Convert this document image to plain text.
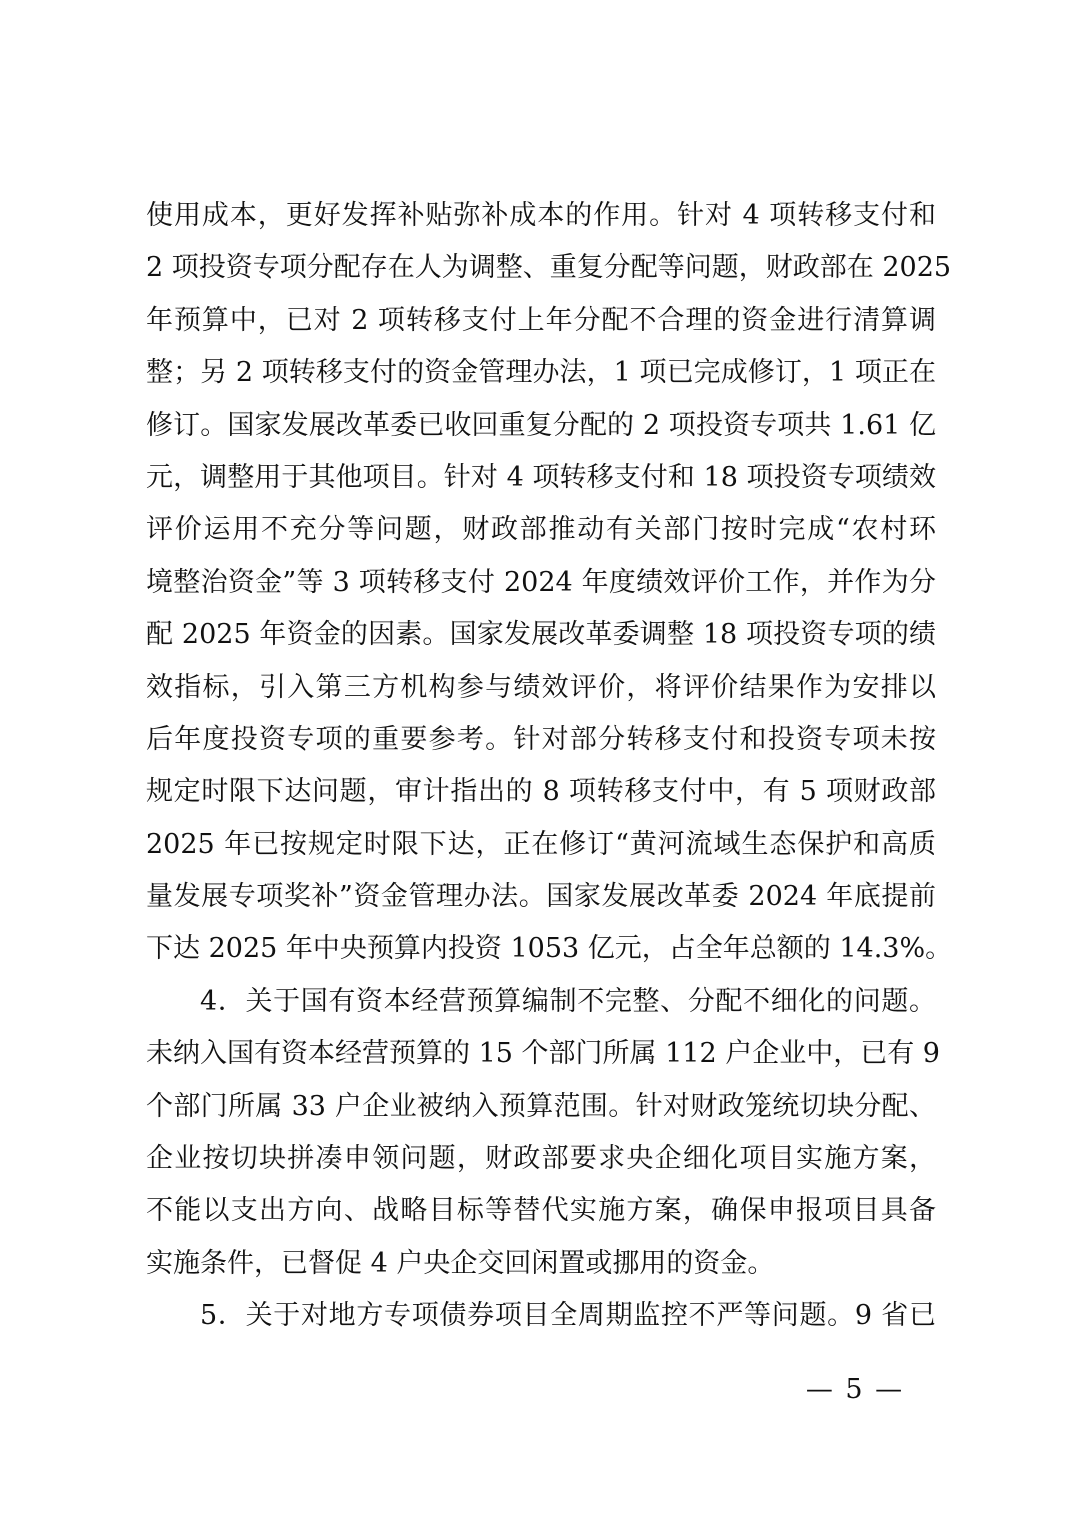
使用成本，更好发挥补贴弥补成本的作用。针对 4 项转移支付和
2 项投资专项分配存在人为调整、重复分配等问题，财政部在 2025
年预算中，已对 2 项转移支付上年分配不合理的资金进行清算调
整；另 2 项转移支付的资金管理办法，1 项已完成修订，1 项正在
修订。国家发展改革委已收回重复分配的 2 项投资专项共 1.61 亿
元，调整用于其他项目。针对 4 项转移支付和 18 项投资专项绩效
评价运用不充分等问题，财政部推动有关部门按时完成“农村环
境整治资金”等 3 项转移支付 2024 年度绩效评价工作，并作为分
配 2025 年资金的因素。国家发展改革委调整 18 项投资专项的绩
效指标，引入第三方机构参与绩效评价，将评价结果作为安排以
后年度投资专项的重要参考。针对部分转移支付和投资专项未按
规定时限下达问题，审计指出的 8 项转移支付中，有 5 项财政部
2025 年已按规定时限下达，正在修订“黄河流域生态保护和高质
量发展专项奖补”资金管理办法。国家发展改革委 2024 年底提前
下达 2025 年中央预算内投资 1053 亿元，占全年总额的 14.3%。
4．关于国有资本经营预算编制不完整、分配不细化的问题。
未纳入国有资本经营预算的 15 个部门所属 112 户企业中，已有 9
个部门所属 33 户企业被纳入预算范围。针对财政笼统切块分配、
企业按切块拼凑申领问题，财政部要求央企细化项目实施方案，
不能以支出方向、战略目标等替代实施方案，确保申报项目具备
实施条件，已督促 4 户央企交回闲置或挪用的资金。
5．关于对地方专项债券项目全周期监控不严等问题。9 省已
— 5 —
